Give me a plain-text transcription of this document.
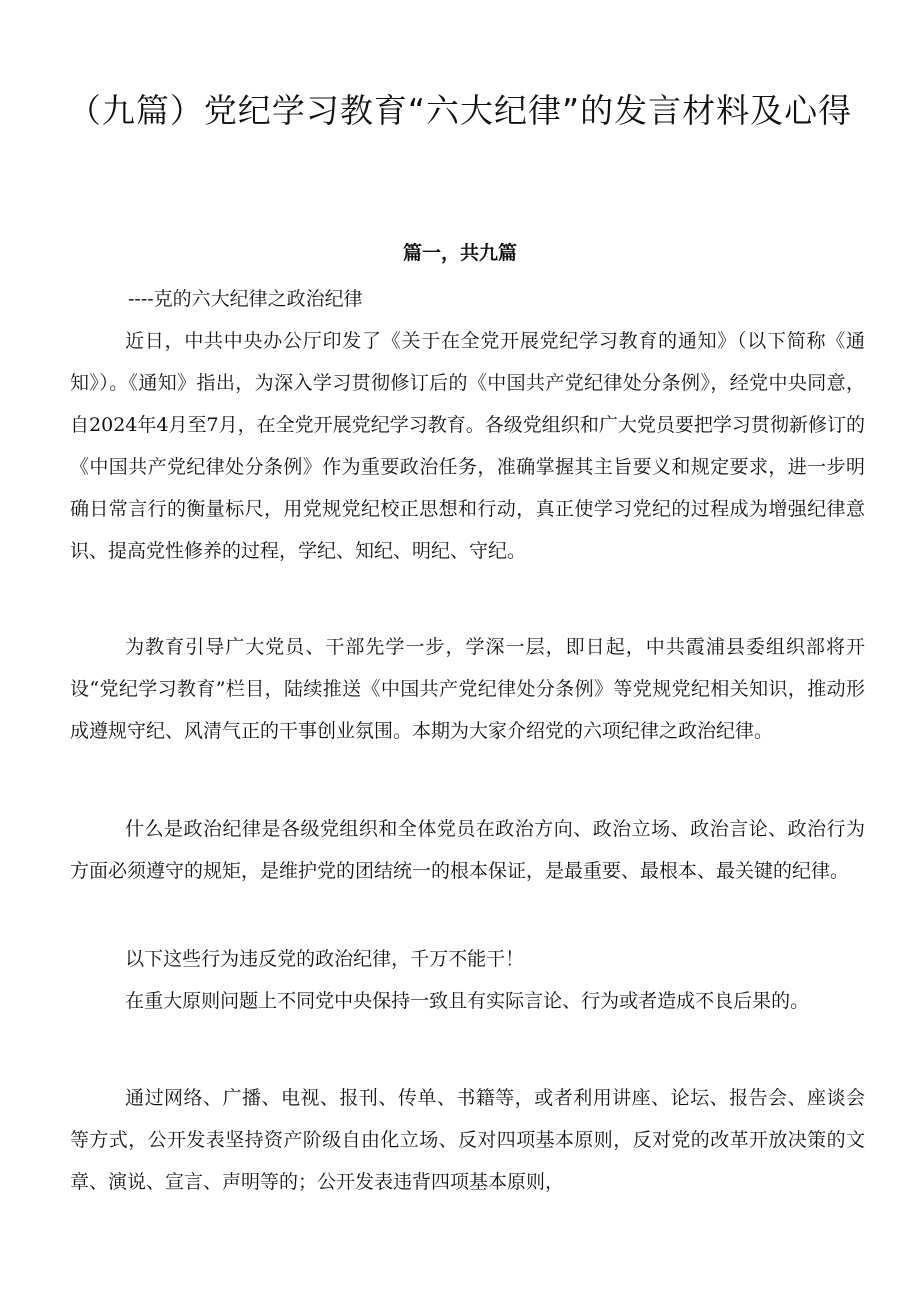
（九篇）党纪学习教育“六大纪律”的发言材料及心得
篇一，共九篇

----克的六大纪律之政治纪律

近日，中共中央办公厅印发了《关于在全党开展党纪学习教育的通知》（以下简称《通知》）。《通知》指出，为深入学习贯彻修订后的《中国共产党纪律处分条例》，经党中央同意，自2024年4月至7月，在全党开展党纪学习教育。各级党组织和广大党员要把学习贯彻新修订的《中国共产党纪律处分条例》作为重要政治任务，准确掌握其主旨要义和规定要求，进一步明确日常言行的衡量标尺，用党规党纪校正思想和行动，真正使学习党纪的过程成为增强纪律意识、提高党性修养的过程，学纪、知纪、明纪、守纪。

为教育引导广大党员、干部先学一步，学深一层，即日起，中共霞浦县委组织部将开设“党纪学习教育”栏目，陆续推送《中国共产党纪律处分条例》等党规党纪相关知识，推动形成遵规守纪、风清气正的干事创业氛围。本期为大家介绍党的六项纪律之政治纪律。

什么是政治纪律是各级党组织和全体党员在政治方向、政治立场、政治言论、政治行为方面必须遵守的规矩，是维护党的团结统一的根本保证，是最重要、最根本、最关键的纪律。

以下这些行为违反党的政治纪律，千万不能干！

在重大原则问题上不同党中央保持一致且有实际言论、行为或者造成不良后果的。

通过网络、广播、电视、报刊、传单、书籍等，或者利用讲座、论坛、报告会、座谈会等方式，公开发表坚持资产阶级自由化立场、反对四项基本原则，反对党的改革开放决策的文章、演说、宣言、声明等的；公开发表违背四项基本原则，
